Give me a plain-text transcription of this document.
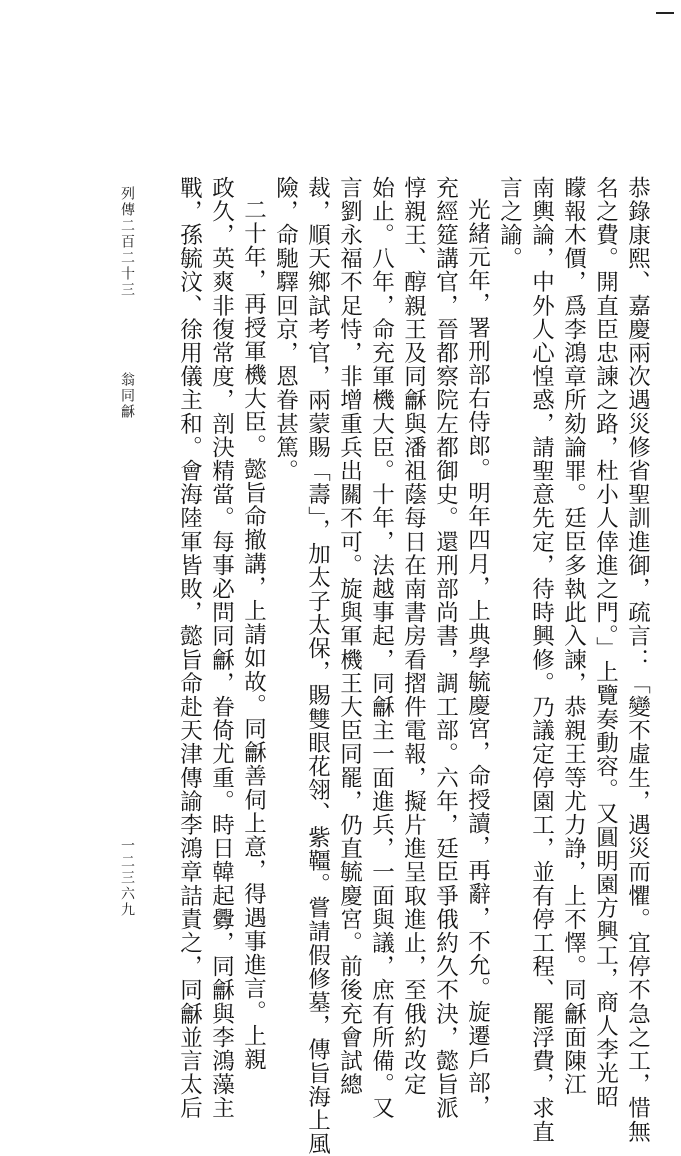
恭錄康熙、嘉慶兩次遇災修省聖訓進御，疏言：「變不虛生，遇災而懼。宜停不急之工，惜無
名之費。開直臣忠諫之路，杜小人倖進之門。」上覽奏動容。又圓明園方興工，商人李光昭
矇報木價，爲李鴻章所劾論罪。廷臣多執此入諫，恭親王等尤力諍，上不懌。同龢面陳江
南輿論，中外人心惶惑，請聖意先定，待時興修。乃議定停園工，並有停工程、罷浮費，求直
言之諭。
光緒元年，署刑部右侍郎。明年四月，上典學毓慶宮，命授讀，再辭，不允。旋遷戶部，
充經筵講官，晉都察院左都御史。還刑部尚書，調工部。六年，廷臣爭俄約久不決，懿旨派
惇親王、醇親王及同龢與潘祖蔭每日在南書房看摺件電報，擬片進呈取進止，至俄約改定
始止。八年，命充軍機大臣。十年，法越事起，同龢主一面進兵，一面與議，庶有所備。又
言劉永福不足恃，非增重兵出關不可。旋與軍機王大臣同罷，仍直毓慶宮。前後充會試總
裁，順天鄉試考官，兩蒙賜「壽」，加太子太保，賜雙眼花翎、紫韁。嘗請假修墓，傳旨海上風
險，命馳驛回京，恩眷甚篤。
二十年，再授軍機大臣。懿旨命撤講，上請如故。同龢善伺上意，得遇事進言。上親
政久，英爽非復常度，剖決精當。每事必問同龢，眷倚尤重。時日韓起釁，同龢與李鴻藻主
戰，孫毓汶、徐用儀主和。會海陸軍皆敗，懿旨命赴天津傳諭李鴻章詰責之，同龢並言太后
列傳二百二十三
翁同龢
一二三六九
